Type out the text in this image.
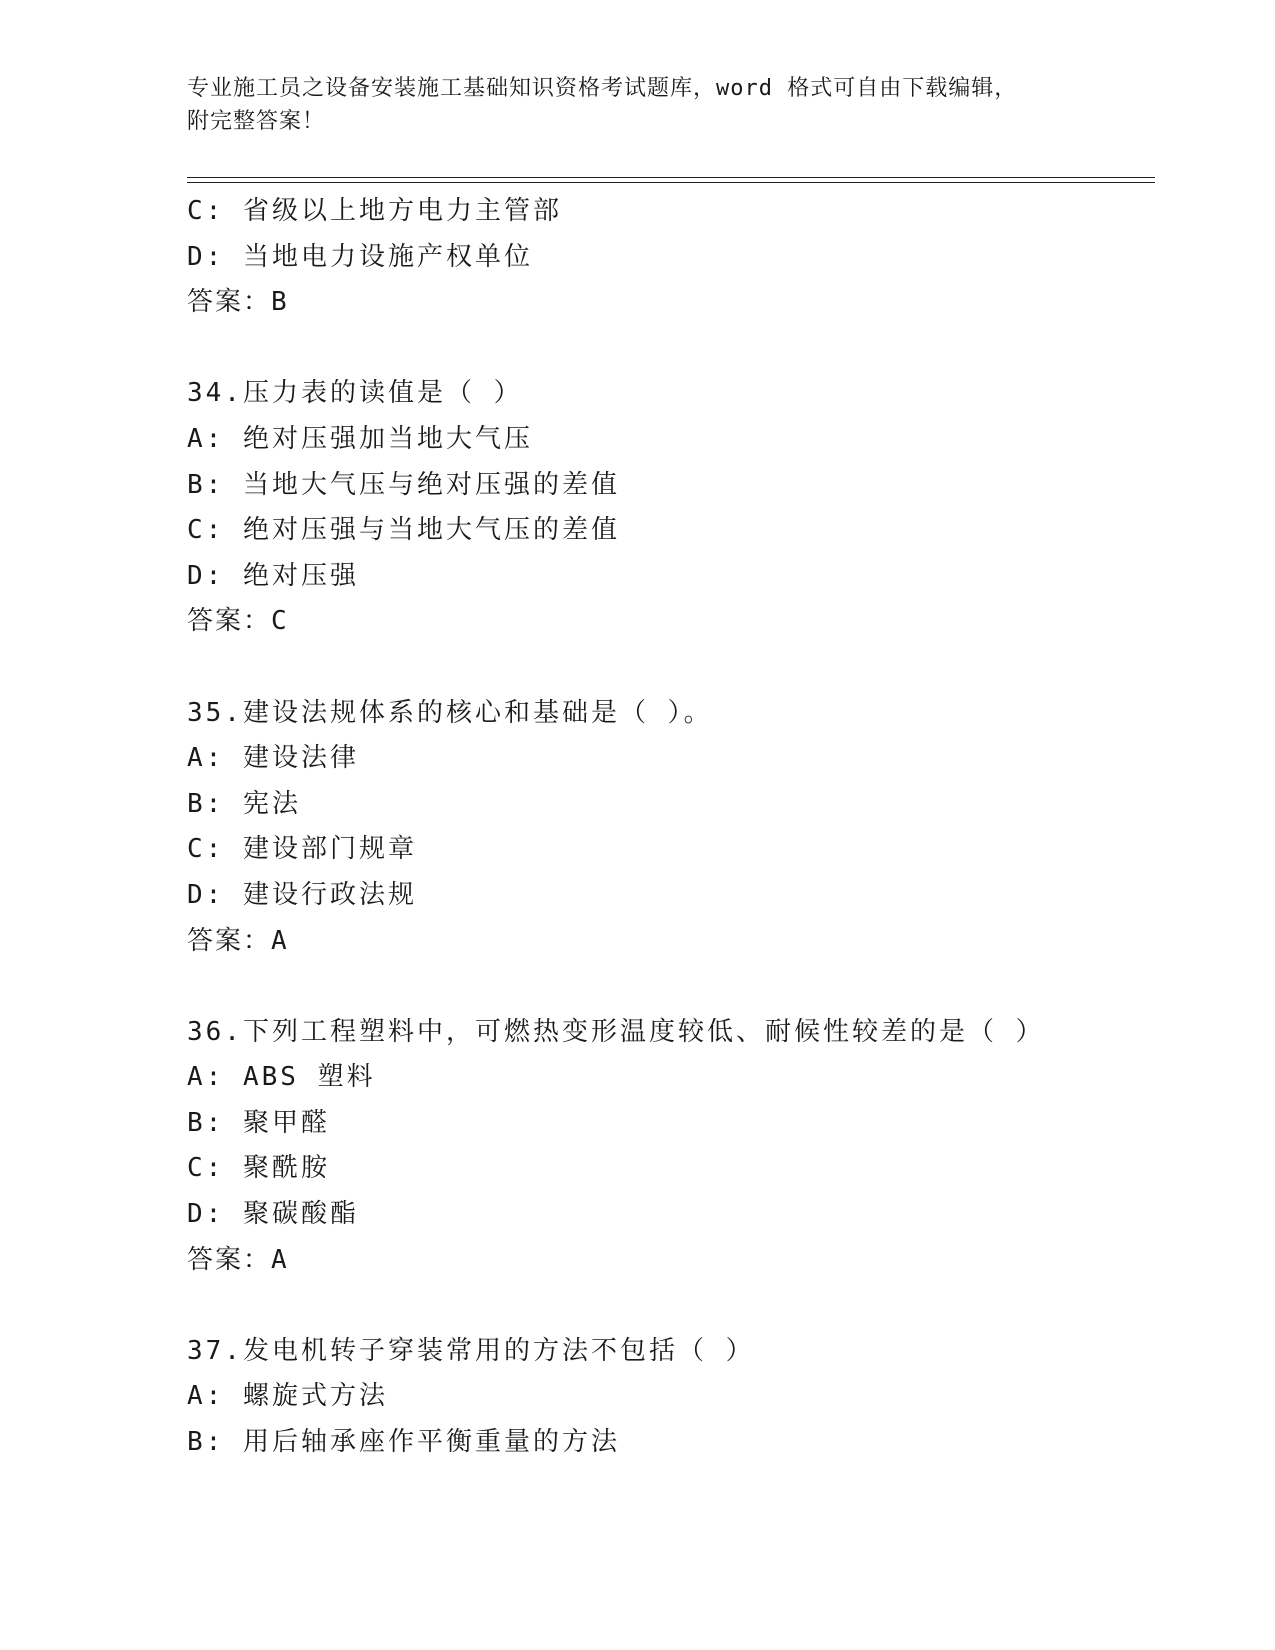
专业施工员之设备安装施工基础知识资格考试题库，word 格式可自由下载编辑，
附完整答案！
C: 省级以上地方电力主管部
D: 当地电力设施产权单位
答案：B
34.压力表的读值是（ ）
A: 绝对压强加当地大气压
B: 当地大气压与绝对压强的差值
C: 绝对压强与当地大气压的差值
D: 绝对压强
答案：C
35.建设法规体系的核心和基础是（ ）。
A: 建设法律
B: 宪法
C: 建设部门规章
D: 建设行政法规
答案：A
36.下列工程塑料中，可燃热变形温度较低、耐候性较差的是（ ）
A: ABS 塑料
B: 聚甲醛
C: 聚酰胺
D: 聚碳酸酯
答案：A
37.发电机转子穿装常用的方法不包括（ ）
A: 螺旋式方法
B: 用后轴承座作平衡重量的方法
